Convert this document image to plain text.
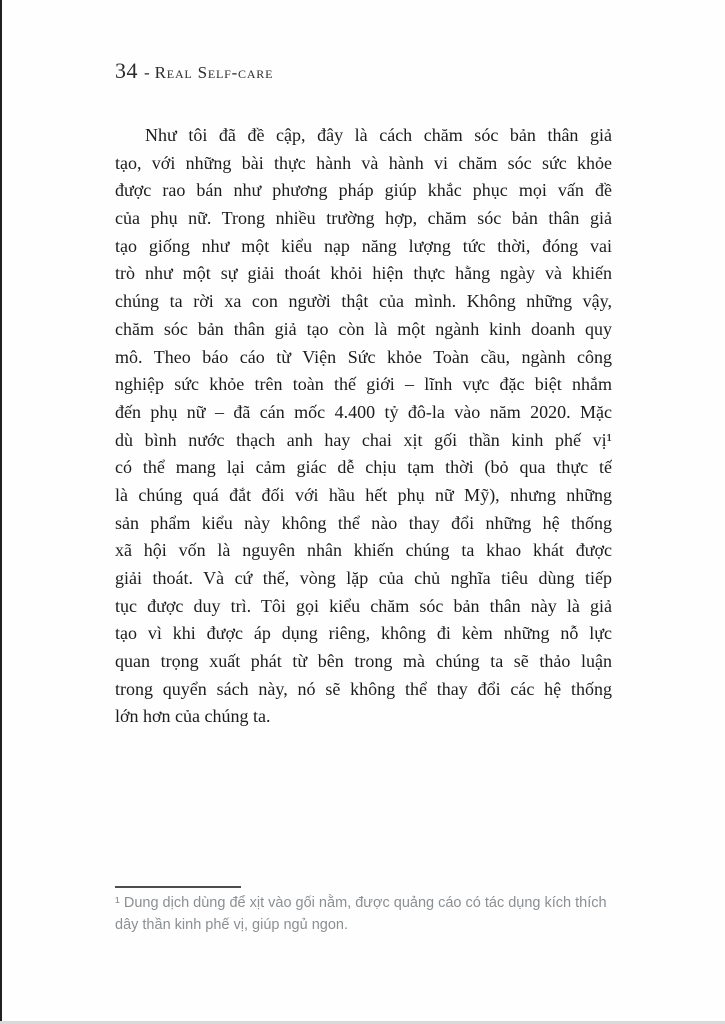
34 - Real Self-care
Như tôi đã đề cập, đây là cách chăm sóc bản thân giả
tạo, với những bài thực hành và hành vi chăm sóc sức khỏe
được rao bán như phương pháp giúp khắc phục mọi vấn đề
của phụ nữ. Trong nhiều trường hợp, chăm sóc bản thân giả
tạo giống như một kiểu nạp năng lượng tức thời, đóng vai
trò như một sự giải thoát khỏi hiện thực hằng ngày và khiến
chúng ta rời xa con người thật của mình. Không những vậy,
chăm sóc bản thân giả tạo còn là một ngành kinh doanh quy
mô. Theo báo cáo từ Viện Sức khỏe Toàn cầu, ngành công
nghiệp sức khỏe trên toàn thế giới – lĩnh vực đặc biệt nhắm
đến phụ nữ – đã cán mốc 4.400 tỷ đô-la vào năm 2020. Mặc
dù bình nước thạch anh hay chai xịt gối thần kinh phế vị¹
có thể mang lại cảm giác dễ chịu tạm thời (bỏ qua thực tế
là chúng quá đắt đối với hầu hết phụ nữ Mỹ), nhưng những
sản phẩm kiểu này không thể nào thay đổi những hệ thống
xã hội vốn là nguyên nhân khiến chúng ta khao khát được
giải thoát. Và cứ thế, vòng lặp của chủ nghĩa tiêu dùng tiếp
tục được duy trì. Tôi gọi kiểu chăm sóc bản thân này là giả
tạo vì khi được áp dụng riêng, không đi kèm những nỗ lực
quan trọng xuất phát từ bên trong mà chúng ta sẽ thảo luận
trong quyển sách này, nó sẽ không thể thay đổi các hệ thống
lớn hơn của chúng ta.
¹ Dung dịch dùng để xịt vào gối nằm, được quảng cáo có tác dụng kích thích
dây thần kinh phế vị, giúp ngủ ngon.
